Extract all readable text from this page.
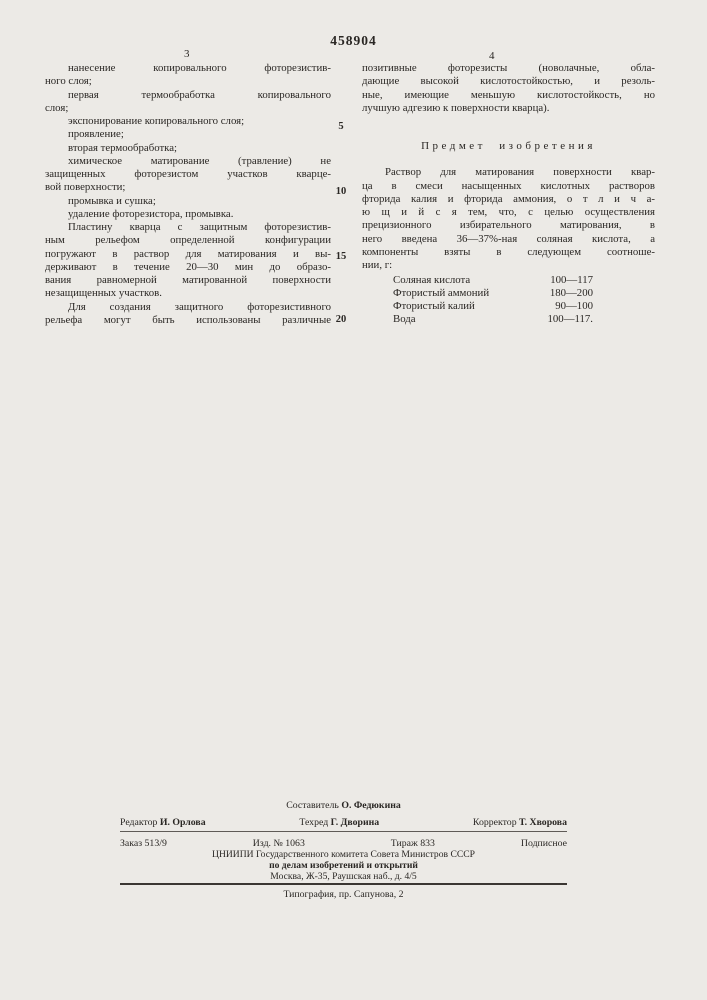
458904
3	4
нанесение копировального фоторезистив-
ного слоя;
первая термообработка копировального
слоя;
экспонирование копировального слоя;
проявление;
вторая термообработка;
химическое матирование (травление) не
защищенных фоторезистом участков кварце-
вой поверхности;
промывка и сушка;
удаление фоторезистора, промывка.
Пластину кварца с защитным фоторезистив-
ным рельефом определенной конфигурации
погружают в раствор для матирования и вы-
держивают в течение 20—30 мин до образо-
вания равномерной матированной поверхности
незащищенных участков.
Для создания защитного фоторезистивного
рельефа могут быть использованы различные
5
10
15
20
позитивные фоторезисты (новолачные, обла-
дающие высокой кислотостойкостью, и резоль-
ные, имеющие меньшую кислотостойкость, но
лучшую адгезию к поверхности кварца).
Предмет изобретения
Раствор для матирования поверхности квар-
ца в смеси насыщенных кислотных растворов
фторида калия и фторида аммония, о т л и ч а-
ю щ и й с я тем, что, с целью осуществления
прецизионного избирательного матирования, в
него введена 36—37%-ная соляная кислота, а
компоненты взяты в следующем соотноше-
нии, г:
Соляная кислота	100—117
Фтористый аммоний	180—200
Фтористый калий	90—100
Вода	100—117.
Составитель О. Федюкина
Редактор И. Орлова	Техред Г. Дворина	Корректор Т. Хворова
Заказ 513/9	Изд. № 1063	Тираж 833	Подписное
ЦНИИПИ Государственного комитета Совета Министров СССР
по делам изобретений и открытий
Москва, Ж-35, Раушская наб., д. 4/5
Типография, пр. Сапунова, 2
